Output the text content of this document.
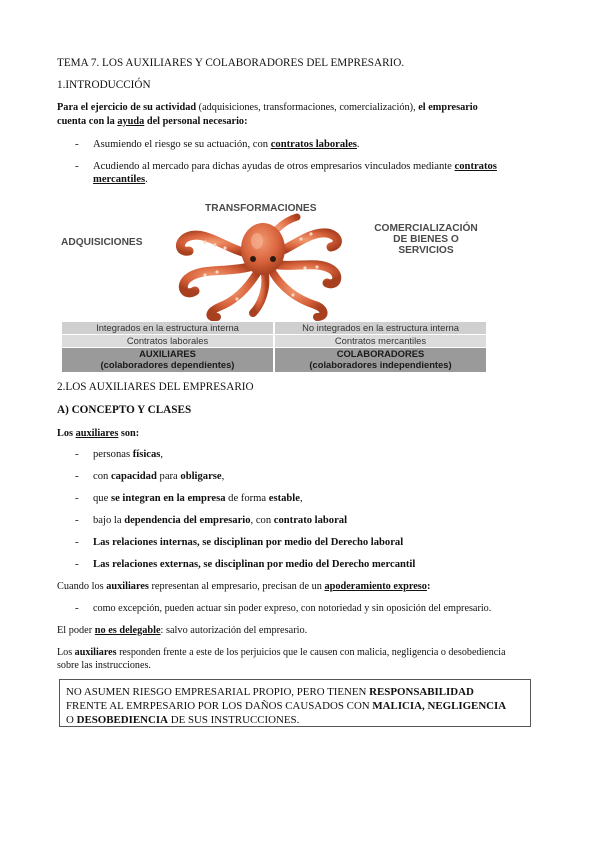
TEMA 7. LOS AUXILIARES Y COLABORADORES DEL EMPRESARIO.
1.INTRODUCCIÓN
Para el ejercicio de su actividad (adquisiciones, transformaciones, comercialización), el empresario
cuenta con la ayuda del personal necesario:
- Asumiendo el riesgo se su actuación, con contratos laborales.
- Acudiendo al mercado para dichas ayudas de otros empresarios vinculados mediante contratos
mercantiles.
TRANSFORMACIONES
ADQUISICIONES
COMERCIALIZACIÓN
DE BIENES O
SERVICIOS
Integrados en la estructura interna	No integrados en la estructura interna
Contratos laborales	Contratos mercantiles
AUXILIARES
(colaboradores dependientes)
COLABORADORES
(colaboradores independientes)
2.LOS AUXILIARES DEL EMPRESARIO
A) CONCEPTO Y CLASES
Los auxiliares son:
- personas físicas,
- con capacidad para obligarse,
- que se integran en la empresa de forma estable,
- bajo la dependencia del empresario, con contrato laboral
- Las relaciones internas, se disciplinan por medio del Derecho laboral
- Las relaciones externas, se disciplinan por medio del Derecho mercantil
Cuando los auxiliares representan al empresario, precisan de un apoderamiento expreso:
- como excepción, pueden actuar sin poder expreso, con notoriedad y sin oposición del empresario.
El poder no es delegable: salvo autorización del empresario.
Los auxiliares responden frente a este de los perjuicios que le causen con malicia, negligencia o desobediencia
sobre las instrucciones.
NO ASUMEN RIESGO EMPRESARIAL PROPIO, PERO TIENEN RESPONSABILIDAD
FRENTE AL EMRPESARIO POR LOS DAÑOS CAUSADOS CON MALICIA, NEGLIGENCIA
O DESOBEDIENCIA DE SUS INSTRUCCIONES.
